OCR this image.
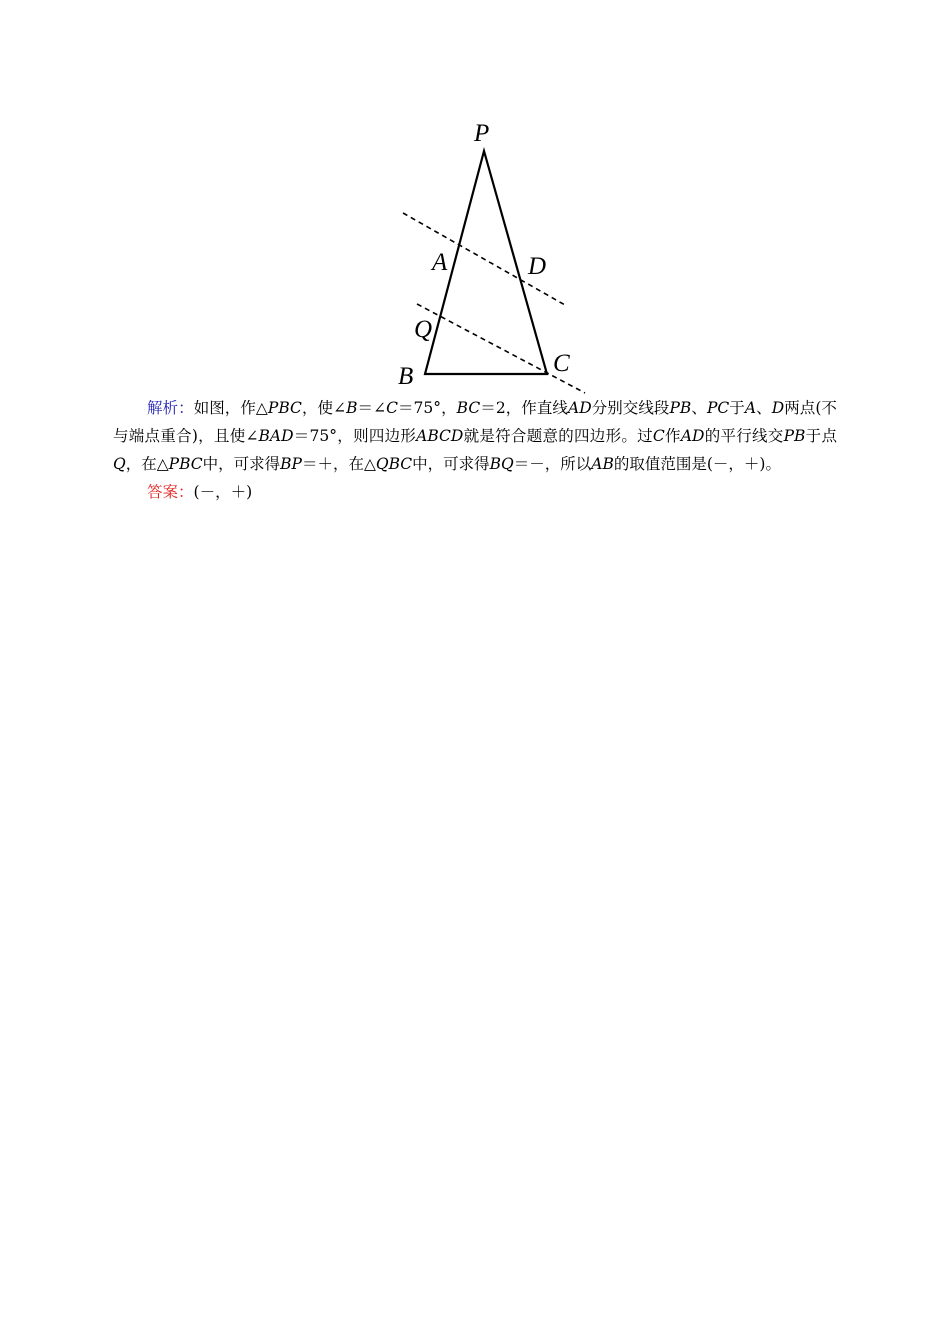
P
A	D
Q
B	C

解析：如图，作△PBC，使∠B＝∠C＝75°，BC＝2，作直线AD分别交线段PB、PC于A、D两点(不与端点重合)，且使∠BAD＝75°，则四边形ABCD就是符合题意的四边形。过C作AD的平行线交PB于点Q，在△PBC中，可求得BP＝＋，在△QBC中，可求得BQ＝－，所以AB的取值范围是(－，＋)。

答案：(－，＋)
